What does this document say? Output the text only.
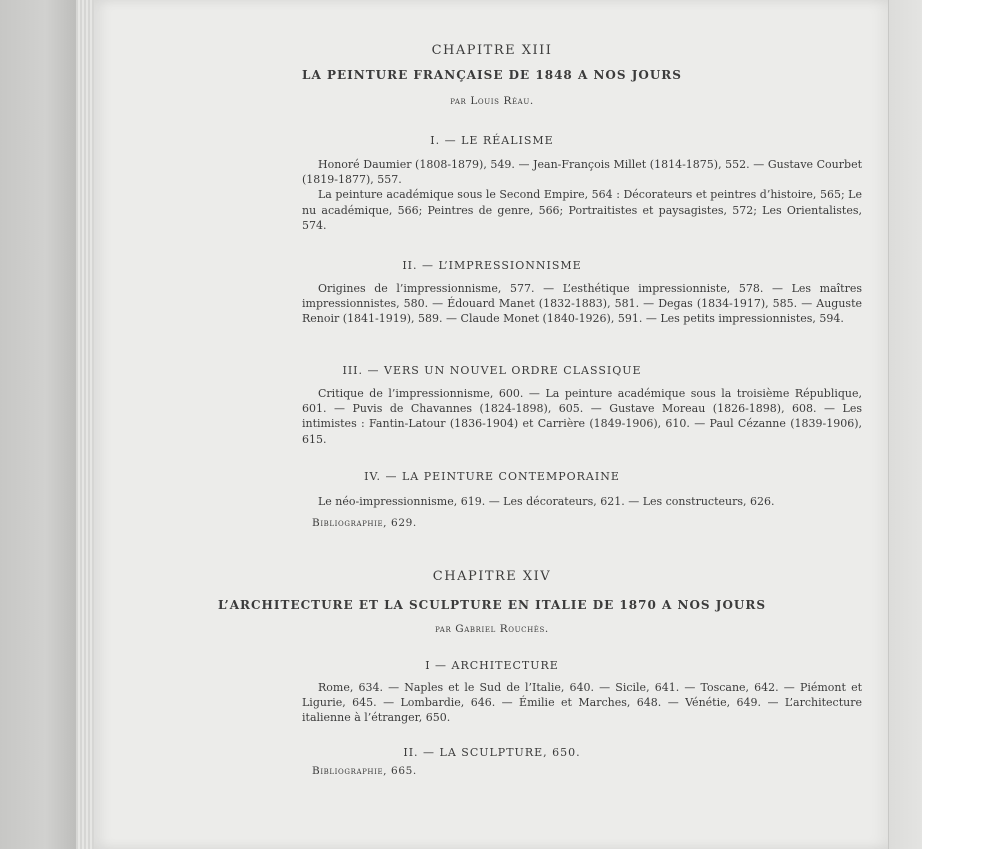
CHAPITRE XIII
LA PEINTURE FRANÇAISE DE 1848 A NOS JOURS
par Louis Réau.
I. — LE RÉALISME
Honoré Daumier (1808-1879), 549. — Jean-François Millet (1814-1875), 552. — Gustave Courbet (1819-1877), 557.
La peinture académique sous le Second Empire, 564 : Décorateurs et peintres d’histoire, 565; Le nu académique, 566; Peintres de genre, 566; Portraitistes et paysagistes, 572; Les Orientalistes, 574.
II. — L’IMPRESSIONNISME
Origines de l’impressionnisme, 577. — L’esthétique impressionniste, 578. — Les maîtres impressionnistes, 580. — Édouard Manet (1832-1883), 581. — Degas (1834-1917), 585. — Auguste Renoir (1841-1919), 589. — Claude Monet (1840-1926), 591. — Les petits impressionnistes, 594.
III. — VERS UN NOUVEL ORDRE CLASSIQUE
Critique de l’impressionnisme, 600. — La peinture académique sous la troisième République, 601. — Puvis de Chavannes (1824-1898), 605. — Gustave Moreau (1826-1898), 608. — Les intimistes : Fantin-Latour (1836-1904) et Carrière (1849-1906), 610. — Paul Cézanne (1839-1906), 615.
IV. — LA PEINTURE CONTEMPORAINE
Le néo-impressionnisme, 619. — Les décorateurs, 621. — Les constructeurs, 626.
Bibliographie, 629.
CHAPITRE XIV
L’ARCHITECTURE ET LA SCULPTURE EN ITALIE DE 1870 A NOS JOURS
par Gabriel Rouchès.
I — ARCHITECTURE
Rome, 634. — Naples et le Sud de l’Italie, 640. — Sicile, 641. — Toscane, 642. — Piémont et Ligurie, 645. — Lombardie, 646. — Émilie et Marches, 648. — Vénétie, 649. — L’architecture italienne à l’étranger, 650.
II. — LA SCULPTURE, 650.
Bibliographie, 665.
